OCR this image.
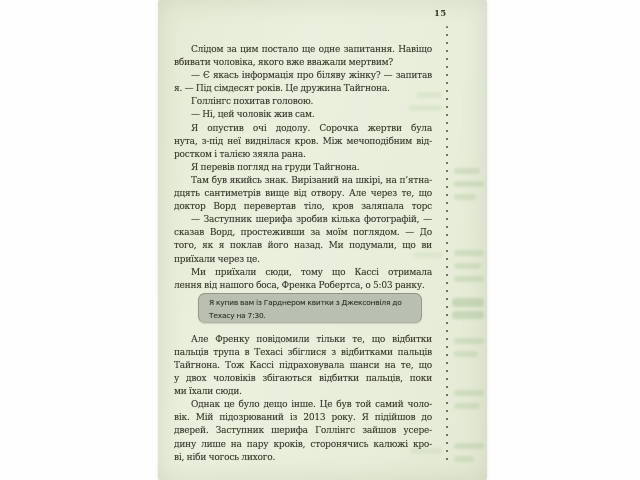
15
Слідом за цим постало ще одне запитання. Навіщо
вбивати чоловіка, якого вже вважали мертвим?
— Є якась інформація про біляву жінку? — запитав
я. — Під сімдесят років. Це дружина Тайгнона.
Голлінгс похитав головою.
— Ні, цей чоловік жив сам.
Я опустив очі додолу. Сорочка жертви була
нута, з-під неї виднілася кров. Між мечоподібним від-
ростком і талією зяяла рана.
Я перевів погляд на груди Тайгнона.
Там був якийсь знак. Вирізаний на шкірі, на п’ятна-
дцять сантиметрів вище від отвору. Але через те, що
доктор Ворд перевертав тіло, кров заляпала торс
— Заступник шерифа зробив кілька фотографій, —
сказав Ворд, простеживши за моїм поглядом. — До
того, як я поклав його назад. Ми подумали, що ви
приїхали через це.
Ми приїхали сюди, тому що Кассі отримала
лення від нашого боса, Френка Робертса, о 5:03 ранку.
Я купив вам із Гарднером квитки з Джексонвіля до
Техасу на 7:30.
Але Френку повідомили тільки те, що відбитки
пальців трупа в Техасі збіглися з відбитками пальців
Тайгнона. Тож Кассі підраховувала шанси на те, що
у двох чоловіків збігаються відбитки пальців, поки
ми їхали сюди.
Однак це було дещо інше. Це був той самий чоло-
вік. Мій підозрюваний із 2013 року. Я підійшов до
дверей. Заступник шерифа Голлінгс зайшов усере-
дину лише на пару кроків, сторонячись калюжі кро-
ві, ніби чогось лихого.
